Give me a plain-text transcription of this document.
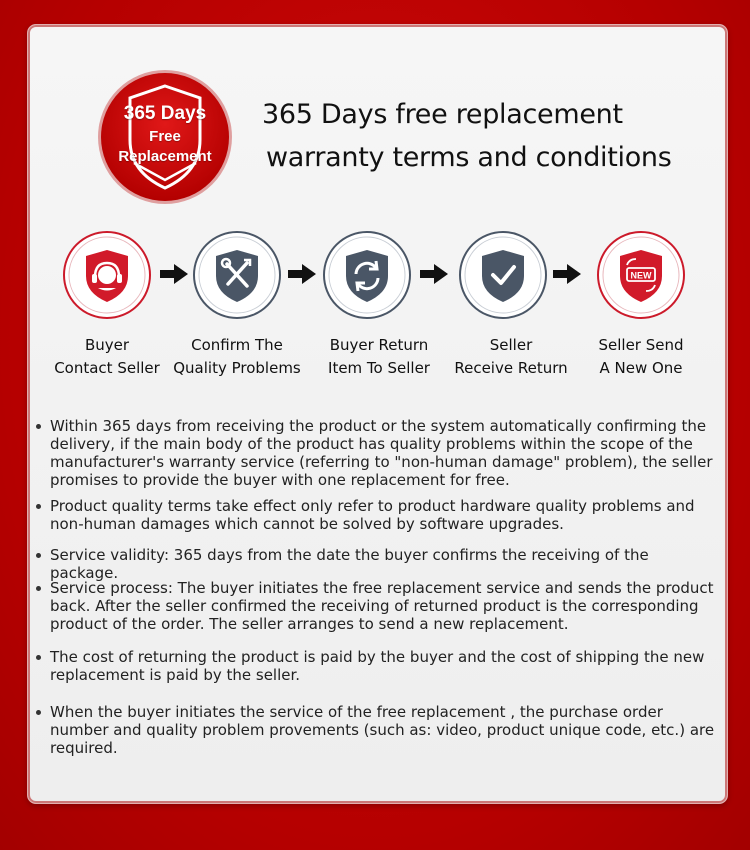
365 Days
Free
Replacement
365 Days free replacement
warranty terms and conditions
NEW
Buyer
Contact Seller
Confirm The
Quality Problems
Buyer Return
Item To Seller
Seller
Receive Return
Seller Send
A New One
Within 365 days from receiving the product or the system automatically confirming the delivery, if the main body of the product has quality problems within the scope of the manufacturer's warranty service (referring to "non-human damage" problem), the seller promises to provide the buyer with one replacement for free.
Product quality terms take effect only refer to product hardware quality problems and non-human damages which cannot be solved by software upgrades.
Service validity: 365 days from the date the buyer confirms the receiving of the package.
Service process: The buyer initiates the free replacement service and sends the product back. After the seller confirmed the receiving of returned product is the corresponding product of the order. The seller arranges to send a new replacement.
The cost of returning the product is paid by the buyer and the cost of shipping the new replacement is paid by the seller.
When the buyer initiates the service of the free replacement , the purchase order number and quality problem provements (such as: video, product unique code, etc.) are required.
